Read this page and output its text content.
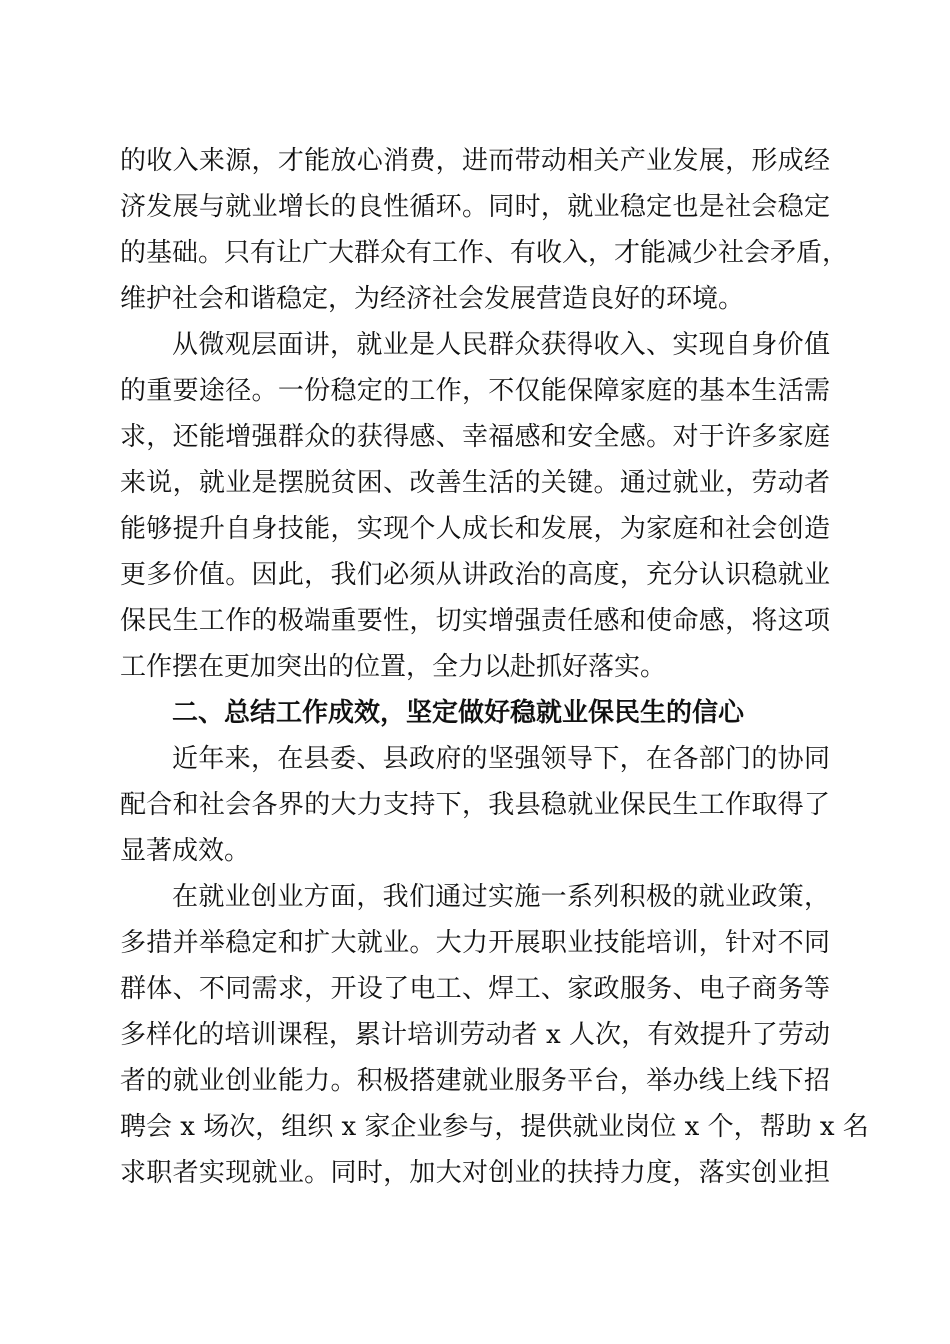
的收入来源，才能放心消费，进而带动相关产业发展，形成经
济发展与就业增长的良性循环。同时，就业稳定也是社会稳定
的基础。只有让广大群众有工作、有收入，才能减少社会矛盾，
维护社会和谐稳定，为经济社会发展营造良好的环境。
从微观层面讲，就业是人民群众获得收入、实现自身价值
的重要途径。一份稳定的工作，不仅能保障家庭的基本生活需
求，还能增强群众的获得感、幸福感和安全感。对于许多家庭
来说，就业是摆脱贫困、改善生活的关键。通过就业，劳动者
能够提升自身技能，实现个人成长和发展，为家庭和社会创造
更多价值。因此，我们必须从讲政治的高度，充分认识稳就业
保民生工作的极端重要性，切实增强责任感和使命感，将这项
工作摆在更加突出的位置，全力以赴抓好落实。
二、总结工作成效，坚定做好稳就业保民生的信心
近年来，在县委、县政府的坚强领导下，在各部门的协同
配合和社会各界的大力支持下，我县稳就业保民生工作取得了
显著成效。
在就业创业方面，我们通过实施一系列积极的就业政策，
多措并举稳定和扩大就业。大力开展职业技能培训，针对不同
群体、不同需求，开设了电工、焊工、家政服务、电子商务等
多样化的培训课程，累计培训劳动者 x 人次，有效提升了劳动
者的就业创业能力。积极搭建就业服务平台，举办线上线下招
聘会 x 场次，组织 x 家企业参与，提供就业岗位 x 个，帮助 x 名
求职者实现就业。同时，加大对创业的扶持力度，落实创业担
